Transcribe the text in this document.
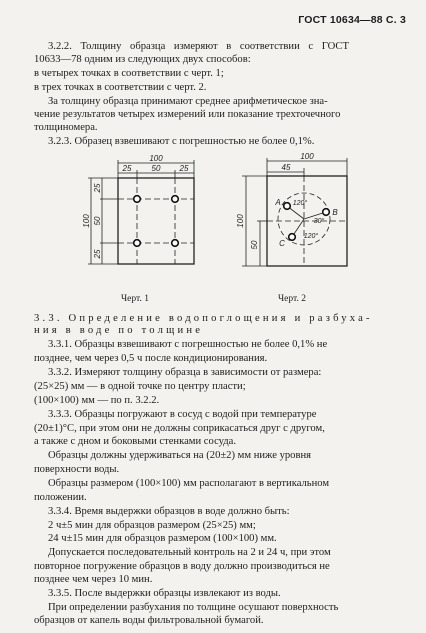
ГОСТ 10634—88 С. 3
3.2.2. Толщину образца измеряют в соответствии с ГОСТ
10633—78 одним из следующих двух способов:
в четырех точках в соответствии с черт. 1;
в трех точках в соответствии с черт. 2.
За толщину образца принимают среднее арифметическое зна-
чение результатов четырех измерений или показание трехточечного
толщиномера.
3.2.3. Образец взвешивают с погрешностью не более 0,1%.
100
25	50 25
100
25
50
25
Черт. 1
100
45
100
50
120°
30°
120°
A
B
C
Черт. 2
3.3. Определение водопоглощения и разбуха-
ния в воде по толщине
3.3.1. Образцы взвешивают с погрешностью не более 0,1% не
позднее, чем через 0,5 ч после кондиционирования.
3.3.2. Измеряют толщину образца в зависимости от размера:
(25×25) мм — в одной точке по центру пласти;
(100×100) мм — по п. 3.2.2.
3.3.3. Образцы погружают в сосуд с водой при температуре
(20±1)°С, при этом они не должны соприкасаться друг с другом,
а также с дном и боковыми стенками сосуда.
Образцы должны удерживаться на (20±2) мм ниже уровня
поверхности воды.
Образцы размером (100×100) мм располагают в вертикальном
положении.
3.3.4. Время выдержки образцов в воде должно быть:
2 ч±5 мин для образцов размером (25×25) мм;
24 ч±15 мин для образцов размером (100×100) мм.
Допускается последовательный контроль на 2 и 24 ч, при этом
повторное погружение образцов в воду должно производиться не
позднее чем через 10 мин.
3.3.5. После выдержки образцы извлекают из воды.
При определении разбухания по толщине осушают поверхность
образцов от капель воды фильтровальной бумагой.
